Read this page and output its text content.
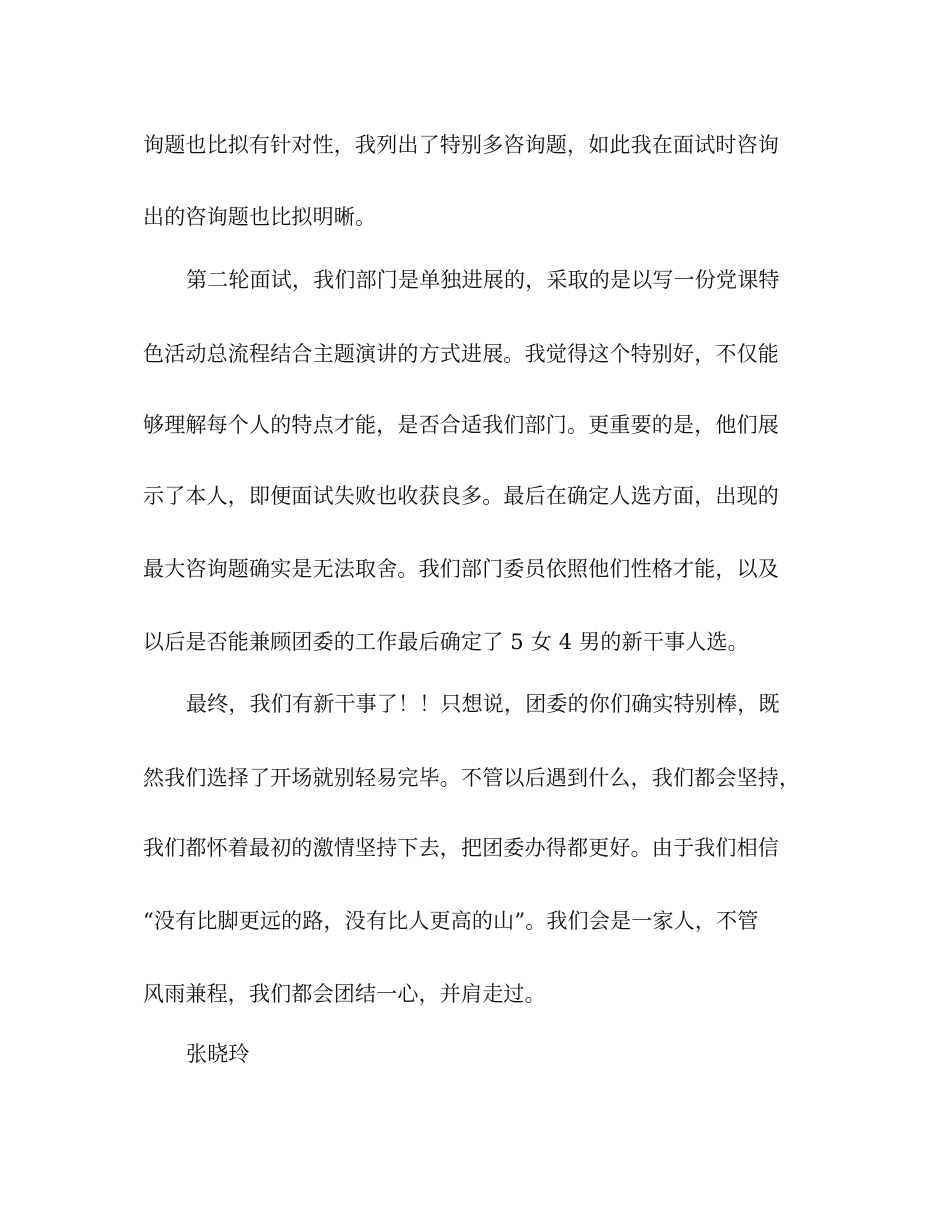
询题也比拟有针对性，我列出了特别多咨询题，如此我在面试时咨询
出的咨询题也比拟明晰。
第二轮面试，我们部门是单独进展的，采取的是以写一份党课特
色活动总流程结合主题演讲的方式进展。我觉得这个特别好，不仅能
够理解每个人的特点才能，是否合适我们部门。更重要的是，他们展
示了本人，即便面试失败也收获良多。最后在确定人选方面，出现的
最大咨询题确实是无法取舍。我们部门委员依照他们性格才能，以及
以后是否能兼顾团委的工作最后确定了 5 女 4 男的新干事人选。
最终，我们有新干事了！！只想说，团委的你们确实特别棒，既
然我们选择了开场就别轻易完毕。不管以后遇到什么，我们都会坚持，
我们都怀着最初的激情坚持下去，把团委办得都更好。由于我们相信
“没有比脚更远的路，没有比人更高的山”。我们会是一家人，不管
风雨兼程，我们都会团结一心，并肩走过。
张晓玲
